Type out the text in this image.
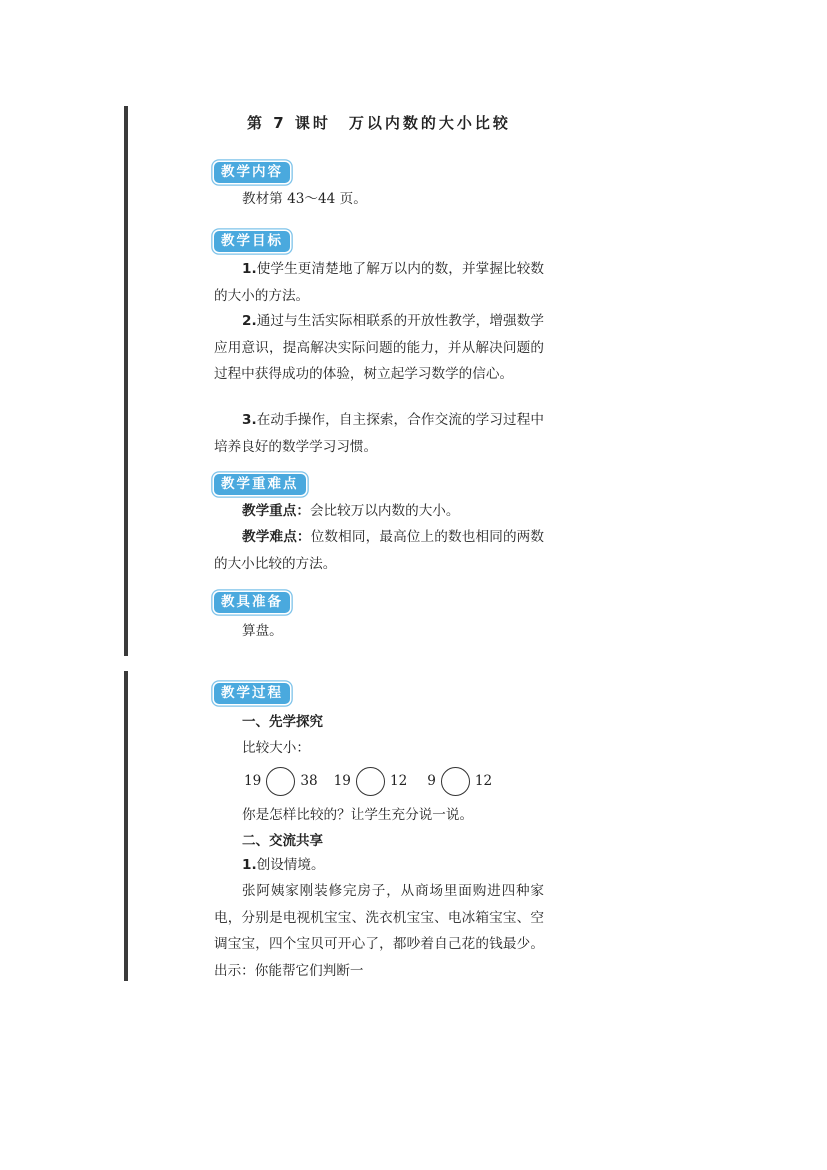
第 7 课时　万以内数的大小比较
教学内容
教材第 43～44 页。
教学目标
1.使学生更清楚地了解万以内的数，并掌握比较数的大小的方法。
2.通过与生活实际相联系的开放性教学，增强数学应用意识，提高解决实际问题的能力，并从解决问题的过程中获得成功的体验，树立起学习数学的信心。
3.在动手操作，自主探索，合作交流的学习过程中培养良好的数学学习习惯。
教学重难点
教学重点：会比较万以内数的大小。
教学难点：位数相同，最高位上的数也相同的两数的大小比较的方法。
教具准备
算盘。
教学过程
一、先学探究
比较大小：
19	38 19	12 9	12
你是怎样比较的？让学生充分说一说。
二、交流共享
1.创设情境。
张阿姨家刚装修完房子，从商场里面购进四种家电，分别是电视机宝宝、洗衣机宝宝、电冰箱宝宝、空调宝宝，四个宝贝可开心了，都吵着自己花的钱最少。出示：你能帮它们判断一
